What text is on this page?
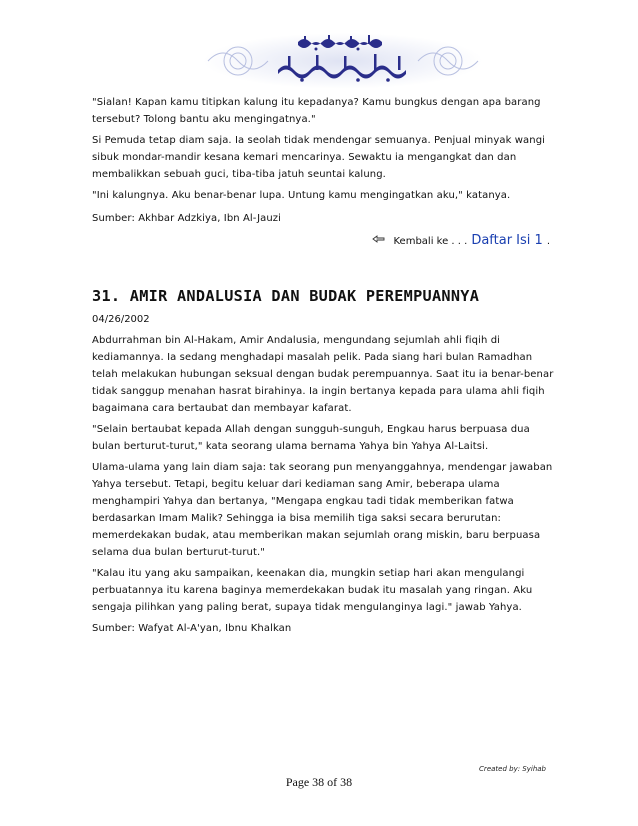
"Sialan! Kapan kamu titipkan kalung itu kepadanya? Kamu bungkus dengan apa barang tersebut? Tolong bantu aku mengingatnya."

Si Pemuda tetap diam saja. Ia seolah tidak mendengar semuanya. Penjual minyak wangi sibuk mondar-mandir kesana kemari mencarinya. Sewaktu ia mengangkat dan dan membalikkan sebuah guci, tiba-tiba jatuh seuntai kalung.

"Ini kalungnya. Aku benar-benar lupa. Untung kamu mengingatkan aku," katanya.

Sumber: Akhbar Adzkiya, Ibn Al-Jauzi

Kembali ke . . . Daftar Isi 1 .
31. AMIR ANDALUSIA DAN BUDAK PEREMPUANNYA
04/26/2002

Abdurrahman bin Al-Hakam, Amir Andalusia, mengundang sejumlah ahli fiqih di kediamannya. Ia sedang menghadapi masalah pelik. Pada siang hari bulan Ramadhan telah melakukan hubungan seksual dengan budak perempuannya. Saat itu ia benar-benar tidak sanggup menahan hasrat birahinya. Ia ingin bertanya kepada para ulama ahli fiqih bagaimana cara bertaubat dan membayar kafarat.

"Selain bertaubat kepada Allah dengan sungguh-sunguh, Engkau harus berpuasa dua bulan berturut-turut," kata seorang ulama bernama Yahya bin Yahya Al-Laitsi.

Ulama-ulama yang lain diam saja: tak seorang pun menyanggahnya, mendengar jawaban Yahya tersebut. Tetapi, begitu keluar dari kediaman sang Amir, beberapa ulama menghampiri Yahya dan bertanya, "Mengapa engkau tadi tidak memberikan fatwa berdasarkan Imam Malik? Sehingga ia bisa memilih tiga saksi secara berurutan: memerdekakan budak, atau memberikan makan sejumlah orang miskin, baru berpuasa selama dua bulan berturut-turut."

"Kalau itu yang aku sampaikan, keenakan dia, mungkin setiap hari akan mengulangi perbuatannya itu karena baginya memerdekakan budak itu masalah yang ringan. Aku sengaja pilihkan yang paling berat, supaya tidak mengulanginya lagi." jawab Yahya.

Sumber: Wafyat Al-A'yan, Ibnu Khalkan

Created by: Syihab
Page 38 of 38
